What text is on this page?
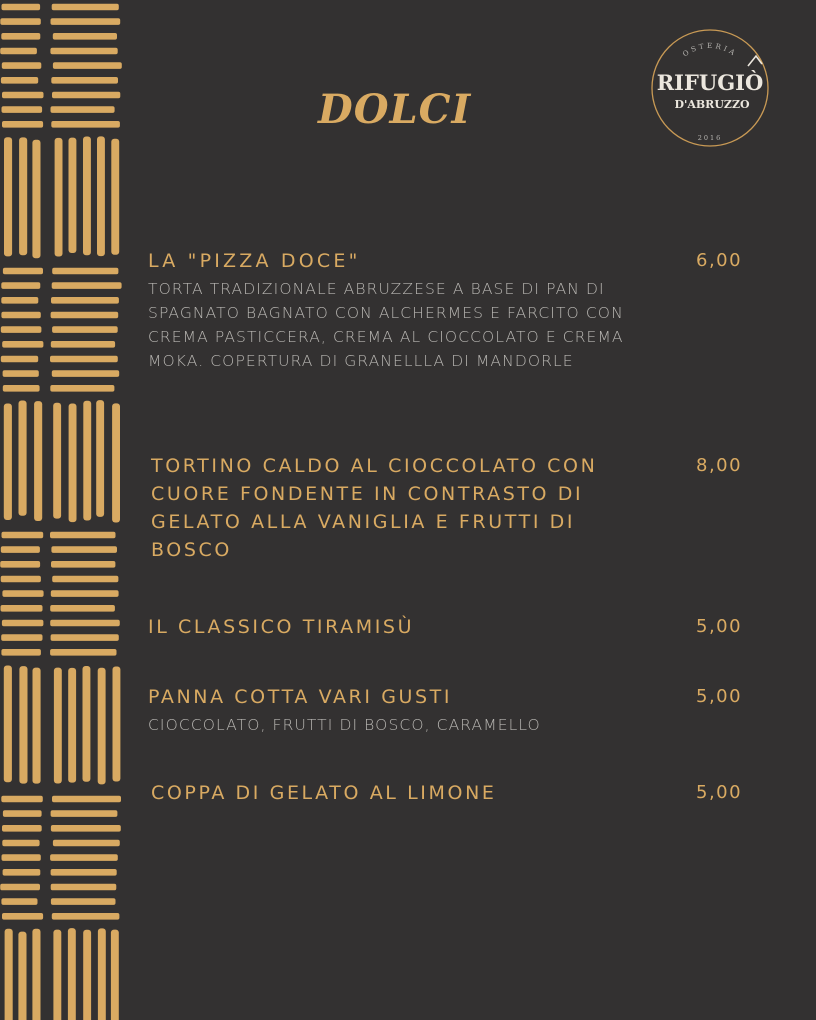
DOLCI
OSTERIA
RIFUGIÒ
D'ABRUZZO
2016

LA "PIZZA DOCE"

TORTA TRADIZIONALE ABRUZZESE A BASE DI PAN DI SPAGNATO BAGNATO CON ALCHERMES E FARCITO CON CREMA PASTICCERA, CREMA AL CIOCCOLATO E CREMA MOKA. COPERTURA DI GRANELLLA DI MANDORLE

6,00

TORTINO CALDO AL CIOCCOLATO CON CUORE FONDENTE IN CONTRASTO DI GELATO ALLA VANIGLIA E FRUTTI DI BOSCO

8,00

IL CLASSICO TIRAMISÙ	5,00

PANNA COTTA VARI GUSTI

CIOCCOLATO, FRUTTI DI BOSCO, CARAMELLO

5,00

COPPA DI GELATO AL LIMONE	5,00
